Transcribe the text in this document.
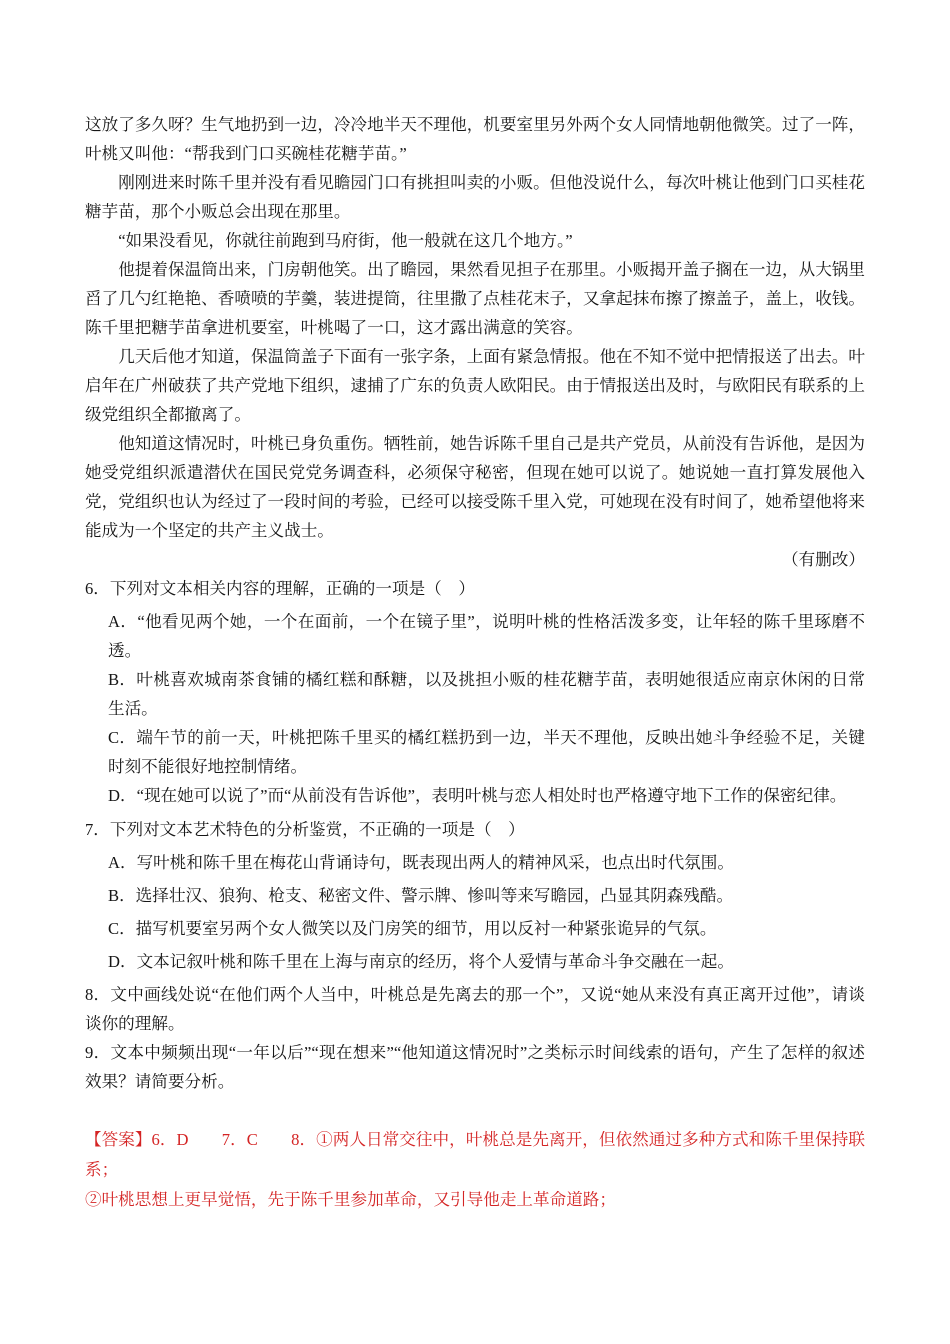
这放了多久呀？生气地扔到一边，冷冷地半天不理他，机要室里另外两个女人同情地朝他微笑。过了一阵，叶桃又叫他：“帮我到门口买碗桂花糖芋苗。”

刚刚进来时陈千里并没有看见瞻园门口有挑担叫卖的小贩。但他没说什么，每次叶桃让他到门口买桂花糖芋苗，那个小贩总会出现在那里。

“如果没看见，你就往前跑到马府街，他一般就在这几个地方。”

他提着保温筒出来，门房朝他笑。出了瞻园，果然看见担子在那里。小贩揭开盖子搁在一边，从大锅里舀了几勺红艳艳、香喷喷的芋羹，装进提筒，往里撒了点桂花末子，又拿起抹布擦了擦盖子，盖上，收钱。陈千里把糖芋苗拿进机要室，叶桃喝了一口，这才露出满意的笑容。

几天后他才知道，保温筒盖子下面有一张字条，上面有紧急情报。他在不知不觉中把情报送了出去。叶启年在广州破获了共产党地下组织，逮捕了广东的负责人欧阳民。由于情报送出及时，与欧阳民有联系的上级党组织全都撤离了。

他知道这情况时，叶桃已身负重伤。牺牲前，她告诉陈千里自己是共产党员，从前没有告诉他，是因为她受党组织派遣潜伏在国民党党务调查科，必须保守秘密，但现在她可以说了。她说她一直打算发展他入党，党组织也认为经过了一段时间的考验，已经可以接受陈千里入党，可她现在没有时间了，她希望他将来能成为一个坚定的共产主义战士。

（有删改）

6．下列对文本相关内容的理解，正确的一项是（　）

A．“他看见两个她，一个在面前，一个在镜子里”，说明叶桃的性格活泼多变，让年轻的陈千里琢磨不透。

B．叶桃喜欢城南茶食铺的橘红糕和酥糖，以及挑担小贩的桂花糖芋苗，表明她很适应南京休闲的日常生活。

C．端午节的前一天，叶桃把陈千里买的橘红糕扔到一边，半天不理他，反映出她斗争经验不足，关键时刻不能很好地控制情绪。

D．“现在她可以说了”而“从前没有告诉他”，表明叶桃与恋人相处时也严格遵守地下工作的保密纪律。

7．下列对文本艺术特色的分析鉴赏，不正确的一项是（　）

A．写叶桃和陈千里在梅花山背诵诗句，既表现出两人的精神风采，也点出时代氛围。

B．选择壮汉、狼狗、枪支、秘密文件、警示牌、惨叫等来写瞻园，凸显其阴森残酷。

C．描写机要室另两个女人微笑以及门房笑的细节，用以反衬一种紧张诡异的气氛。

D．文本记叙叶桃和陈千里在上海与南京的经历，将个人爱情与革命斗争交融在一起。

8．文中画线处说“在他们两个人当中，叶桃总是先离去的那一个”，又说“她从来没有真正离开过他”，请谈谈你的理解。

9．文本中频频出现“一年以后”“现在想来”“他知道这情况时”之类标示时间线索的语句，产生了怎样的叙述效果？请简要分析。

【答案】6．D　　7．C　　8．①两人日常交往中，叶桃总是先离开，但依然通过多种方式和陈千里保持联系；

②叶桃思想上更早觉悟，先于陈千里参加革命，又引导他走上革命道路；
